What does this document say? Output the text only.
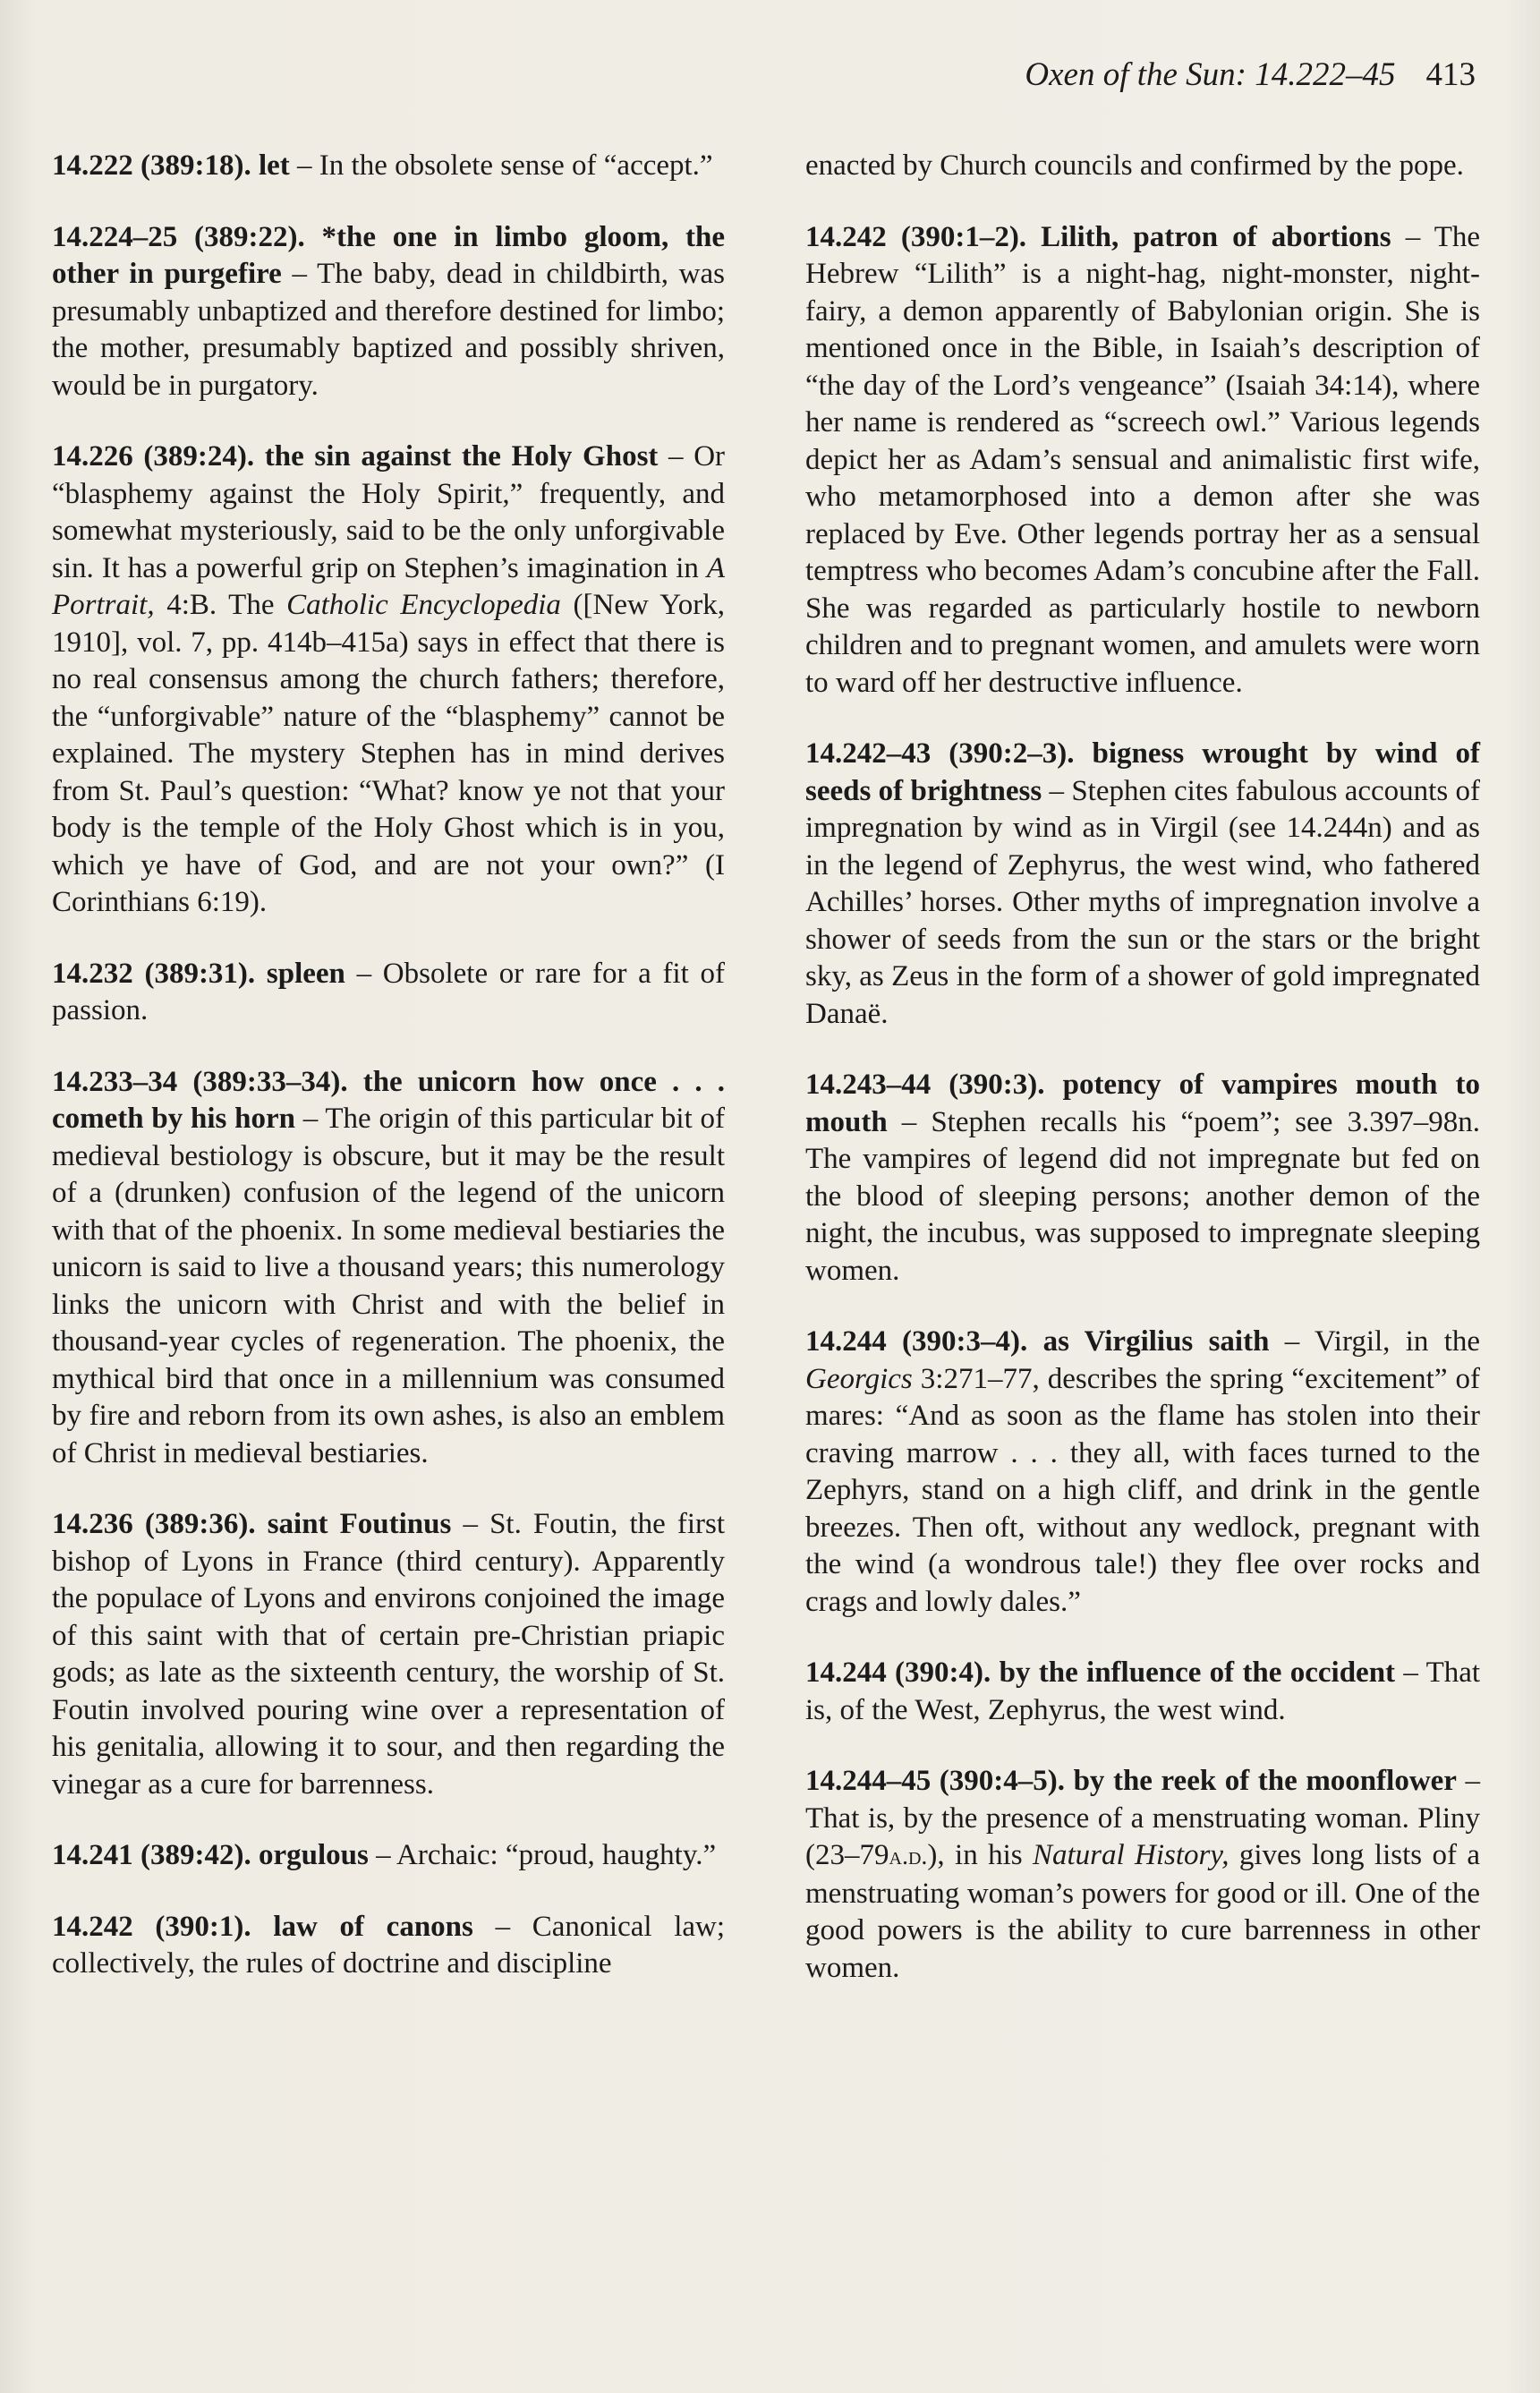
Oxen of the Sun: 14.222–45 413

14.222 (389:18). let – In the obsolete sense of “accept.”

14.224–25 (389:22). *the one in limbo gloom, the other in purgefire – The baby, dead in childbirth, was presumably unbaptized and therefore destined for limbo; the mother, presumably baptized and possibly shriven, would be in purgatory.

14.226 (389:24). the sin against the Holy Ghost – Or “blasphemy against the Holy Spirit,” frequently, and somewhat mysteriously, said to be the only unforgivable sin. It has a powerful grip on Stephen’s imagination in A Portrait, 4:B. The Catholic Encyclopedia ([New York, 1910], vol. 7, pp. 414b–415a) says in effect that there is no real consensus among the church fathers; therefore, the “unforgivable” nature of the “blasphemy” cannot be explained. The mystery Stephen has in mind derives from St. Paul’s question: “What? know ye not that your body is the temple of the Holy Ghost which is in you, which ye have of God, and are not your own?” (I Corinthians 6:19).

14.232 (389:31). spleen – Obsolete or rare for a fit of passion.

14.233–34 (389:33–34). the unicorn how once . . . cometh by his horn – The origin of this particular bit of medieval bestiology is obscure, but it may be the result of a (drunken) confusion of the legend of the unicorn with that of the phoenix. In some medieval bestiaries the unicorn is said to live a thousand years; this numerology links the unicorn with Christ and with the belief in thousand-year cycles of regeneration. The phoenix, the mythical bird that once in a millennium was consumed by fire and reborn from its own ashes, is also an emblem of Christ in medieval bestiaries.

14.236 (389:36). saint Foutinus – St. Foutin, the first bishop of Lyons in France (third century). Apparently the populace of Lyons and environs conjoined the image of this saint with that of certain pre-Christian priapic gods; as late as the sixteenth century, the worship of St. Foutin involved pouring wine over a representation of his genitalia, allowing it to sour, and then regarding the vinegar as a cure for barrenness.

14.241 (389:42). orgulous – Archaic: “proud, haughty.”

14.242 (390:1). law of canons – Canonical law; collectively, the rules of doctrine and discipline

enacted by Church councils and confirmed by the pope.

14.242 (390:1–2). Lilith, patron of abortions – The Hebrew “Lilith” is a night-hag, night-monster, night-fairy, a demon apparently of Babylonian origin. She is mentioned once in the Bible, in Isaiah’s description of “the day of the Lord’s vengeance” (Isaiah 34:14), where her name is rendered as “screech owl.” Various legends depict her as Adam’s sensual and animalistic first wife, who metamorphosed into a demon after she was replaced by Eve. Other legends portray her as a sensual temptress who becomes Adam’s concubine after the Fall. She was regarded as particularly hostile to newborn children and to pregnant women, and amulets were worn to ward off her destructive influence.

14.242–43 (390:2–3). bigness wrought by wind of seeds of brightness – Stephen cites fabulous accounts of impregnation by wind as in Virgil (see 14.244n) and as in the legend of Zephyrus, the west wind, who fathered Achilles’ horses. Other myths of impregnation involve a shower of seeds from the sun or the stars or the bright sky, as Zeus in the form of a shower of gold impregnated Danaë.

14.243–44 (390:3). potency of vampires mouth to mouth – Stephen recalls his “poem”; see 3.397–98n. The vampires of legend did not impregnate but fed on the blood of sleeping persons; another demon of the night, the incubus, was supposed to impregnate sleeping women.

14.244 (390:3–4). as Virgilius saith – Virgil, in the Georgics 3:271–77, describes the spring “excitement” of mares: “And as soon as the flame has stolen into their craving marrow . . . they all, with faces turned to the Zephyrs, stand on a high cliff, and drink in the gentle breezes. Then oft, without any wedlock, pregnant with the wind (a wondrous tale!) they flee over rocks and crags and lowly dales.”

14.244 (390:4). by the influence of the occident – That is, of the West, Zephyrus, the west wind.

14.244–45 (390:4–5). by the reek of the moonflower – That is, by the presence of a menstruating woman. Pliny (23–79a.d.), in his Natural History, gives long lists of a menstruating woman’s powers for good or ill. One of the good powers is the ability to cure barrenness in other women.
